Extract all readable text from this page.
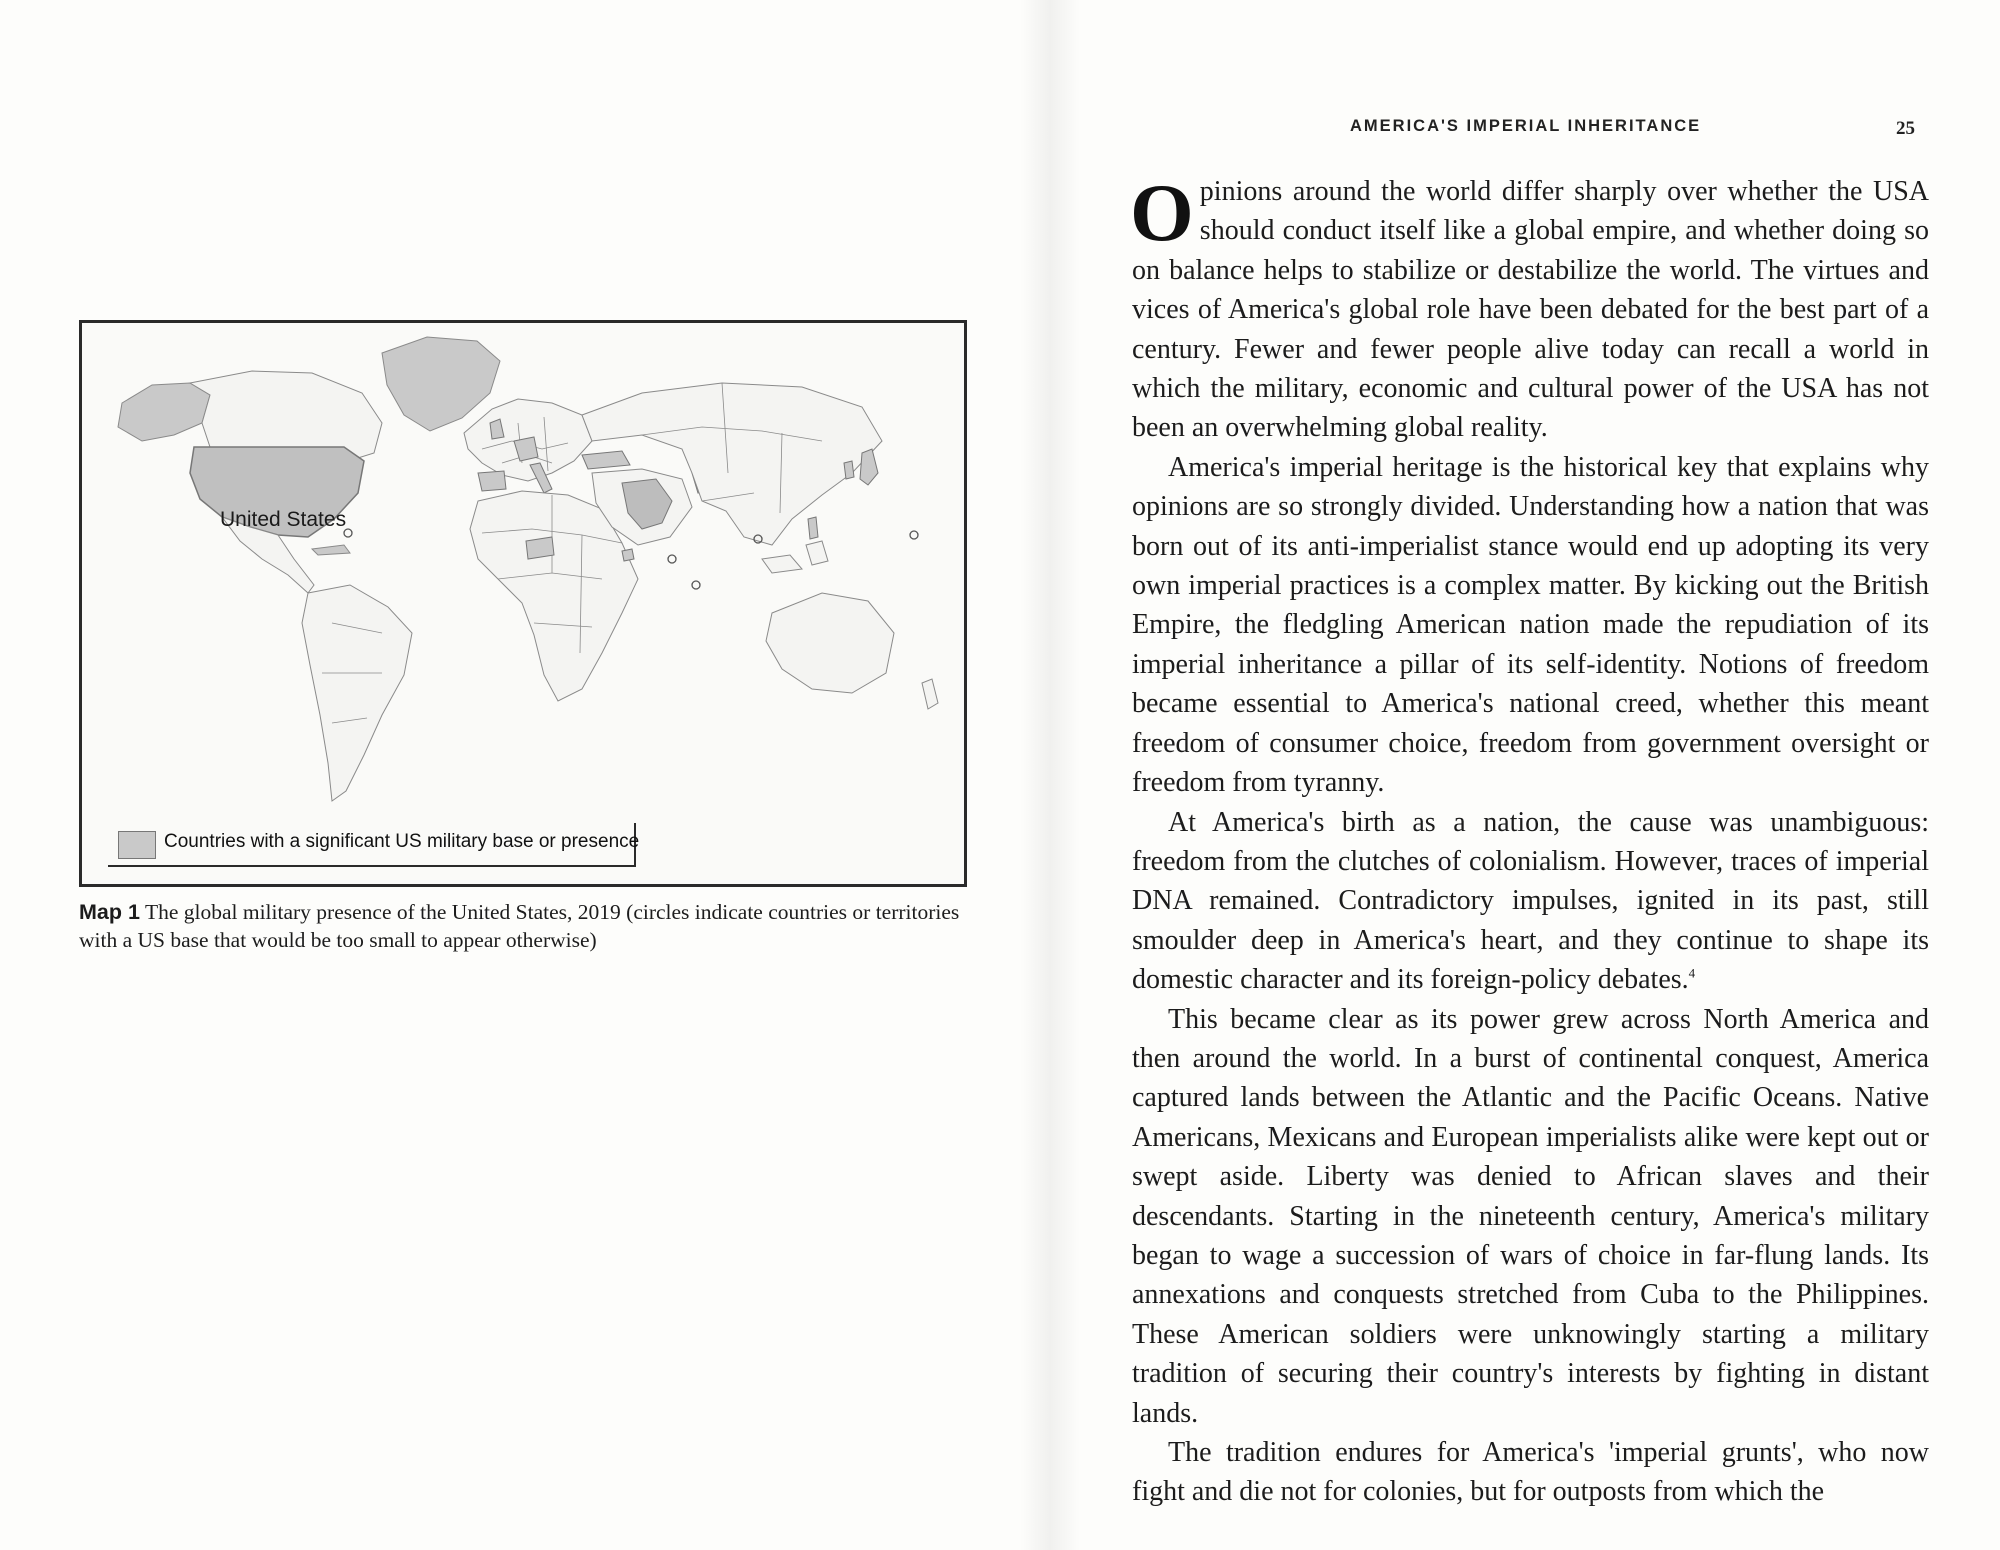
United States
Countries with a significant US military base or presence
Map 1 The global military presence of the United States, 2019 (circles indicate countries or territories with a US base that would be too small to appear otherwise)
AMERICA'S IMPERIAL INHERITANCE	25

Opinions around the world differ sharply over whether the USA should conduct itself like a global empire, and whether doing so on balance helps to stabilize or destabilize the world. The virtues and vices of America's global role have been debated for the best part of a century. Fewer and fewer people alive today can recall a world in which the military, economic and cultural power of the USA has not been an overwhelming global reality.

America's imperial heritage is the historical key that explains why opinions are so strongly divided. Understanding how a nation that was born out of its anti-imperialist stance would end up adopting its very own imperial practices is a complex matter. By kicking out the British Empire, the fledgling American nation made the repudiation of its imperial inheritance a pillar of its self-identity. Notions of freedom became essential to America's national creed, whether this meant freedom of consumer choice, freedom from government oversight or freedom from tyranny.

At America's birth as a nation, the cause was unambiguous: freedom from the clutches of colonialism. However, traces of imperial DNA remained. Contradictory impulses, ignited in its past, still smoulder deep in America's heart, and they continue to shape its domestic character and its foreign-policy debates.$^4$

This became clear as its power grew across North America and then around the world. In a burst of continental conquest, America captured lands between the Atlantic and the Pacific Oceans. Native Americans, Mexicans and European imperialists alike were kept out or swept aside. Liberty was denied to African slaves and their descendants. Starting in the nineteenth century, America's military began to wage a succession of wars of choice in far-flung lands. Its annexations and conquests stretched from Cuba to the Philippines. These American soldiers were unknowingly starting a military tradition of securing their country's interests by fighting in distant lands.

The tradition endures for America's 'imperial grunts', who now fight and die not for colonies, but for outposts from which the
